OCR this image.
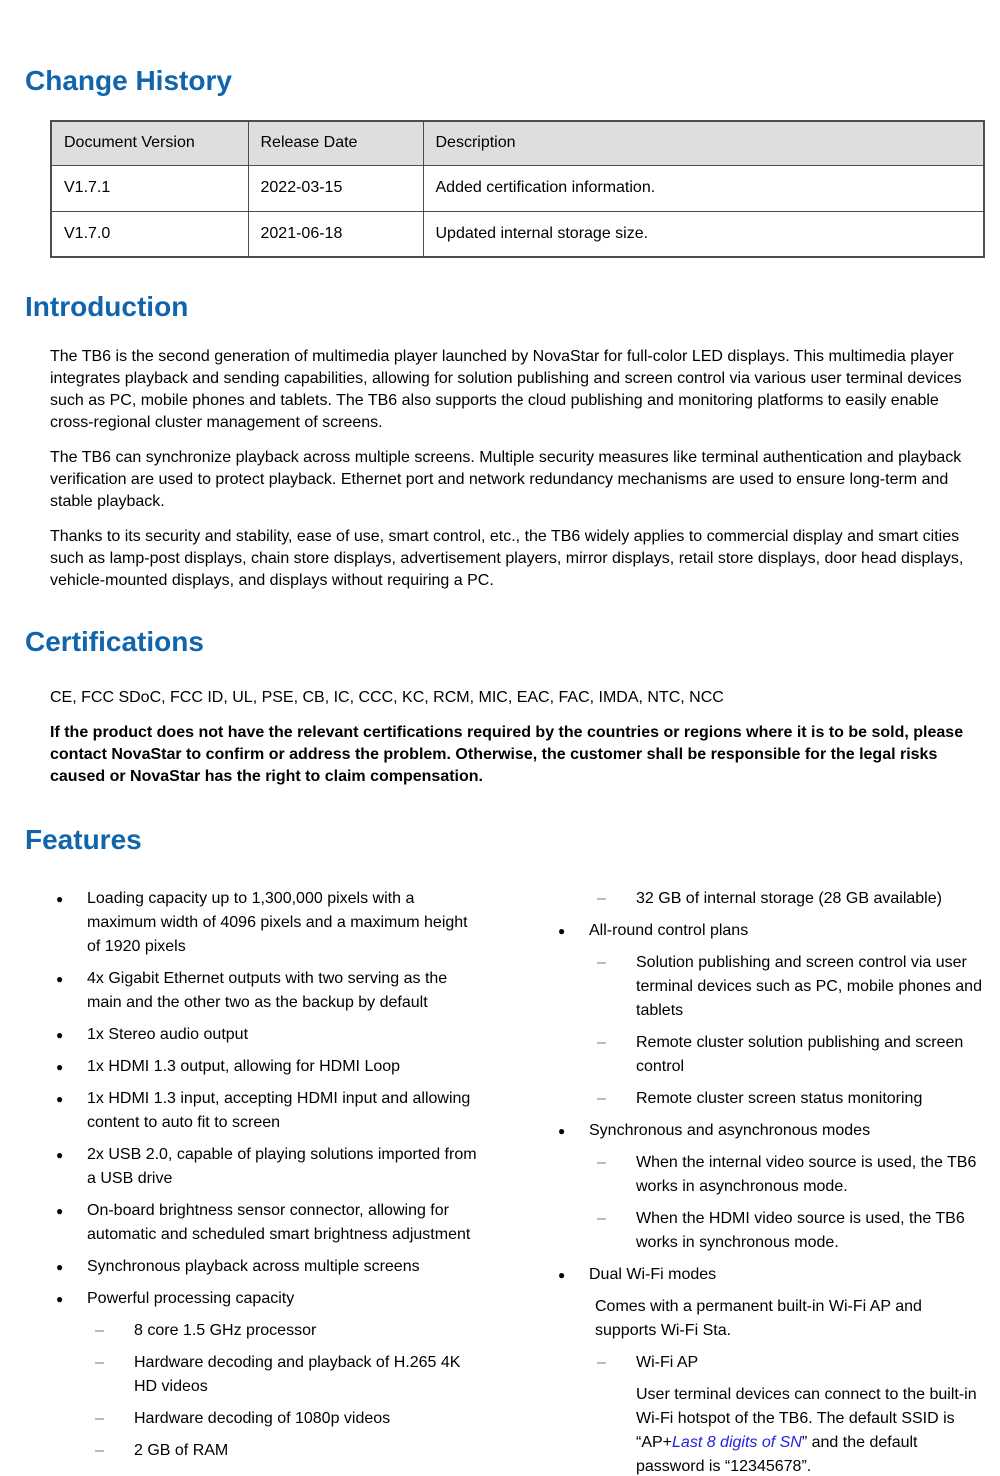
Change History
Document Version	Release Date	Description
V1.7.1	2022-03-15	Added certification information.
V1.7.0	2021-06-18	Updated internal storage size.
Introduction

The TB6 is the second generation of multimedia player launched by NovaStar for full-color LED displays. This multimedia player integrates playback and sending capabilities, allowing for solution publishing and screen control via various user terminal devices such as PC, mobile phones and tablets. The TB6 also supports the cloud publishing and monitoring platforms to easily enable cross-regional cluster management of screens.

The TB6 can synchronize playback across multiple screens. Multiple security measures like terminal authentication and playback verification are used to protect playback. Ethernet port and network redundancy mechanisms are used to ensure long-term and stable playback.

Thanks to its security and stability, ease of use, smart control, etc., the TB6 widely applies to commercial display and smart cities such as lamp-post displays, chain store displays, advertisement players, mirror displays, retail store displays, door head displays, vehicle-mounted displays, and displays without requiring a PC.

Certifications

CE, FCC SDoC, FCC ID, UL, PSE, CB, IC, CCC, KC, RCM, MIC, EAC, FAC, IMDA, NTC, NCC

If the product does not have the relevant certifications required by the countries or regions where it is to be sold, please contact NovaStar to confirm or address the problem. Otherwise, the customer shall be responsible for the legal risks caused or NovaStar has the right to claim compensation.

Features
●	Loading capacity up to 1,300,000 pixels with a maximum width of 4096 pixels and a maximum height of 1920 pixels
●	4x Gigabit Ethernet outputs with two serving as the main and the other two as the backup by default
●	1x Stereo audio output
●	1x HDMI 1.3 output, allowing for HDMI Loop
●	1x HDMI 1.3 input, accepting HDMI input and allowing content to auto fit to screen
●	2x USB 2.0, capable of playing solutions imported from a USB drive
●	On-board brightness sensor connector, allowing for automatic and scheduled smart brightness adjustment
●	Synchronous playback across multiple screens
●	Powerful processing capacity
–	8 core 1.5 GHz processor
–	Hardware decoding and playback of H.265 4K HD videos
–	Hardware decoding of 1080p videos
–	2 GB of RAM
–	32 GB of internal storage (28 GB available)
●	All-round control plans
–	Solution publishing and screen control via user terminal devices such as PC, mobile phones and tablets
–	Remote cluster solution publishing and screen control
–	Remote cluster screen status monitoring
●	Synchronous and asynchronous modes
–	When the internal video source is used, the TB6 works in asynchronous mode.
–	When the HDMI video source is used, the TB6 works in synchronous mode.
●	Dual Wi-Fi modes
Comes with a permanent built-in Wi-Fi AP and supports Wi-Fi Sta.
–	Wi-Fi AP
User terminal devices can connect to the built-in Wi-Fi hotspot of the TB6. The default SSID is “AP+Last 8 digits of SN” and the default password is “12345678”.
